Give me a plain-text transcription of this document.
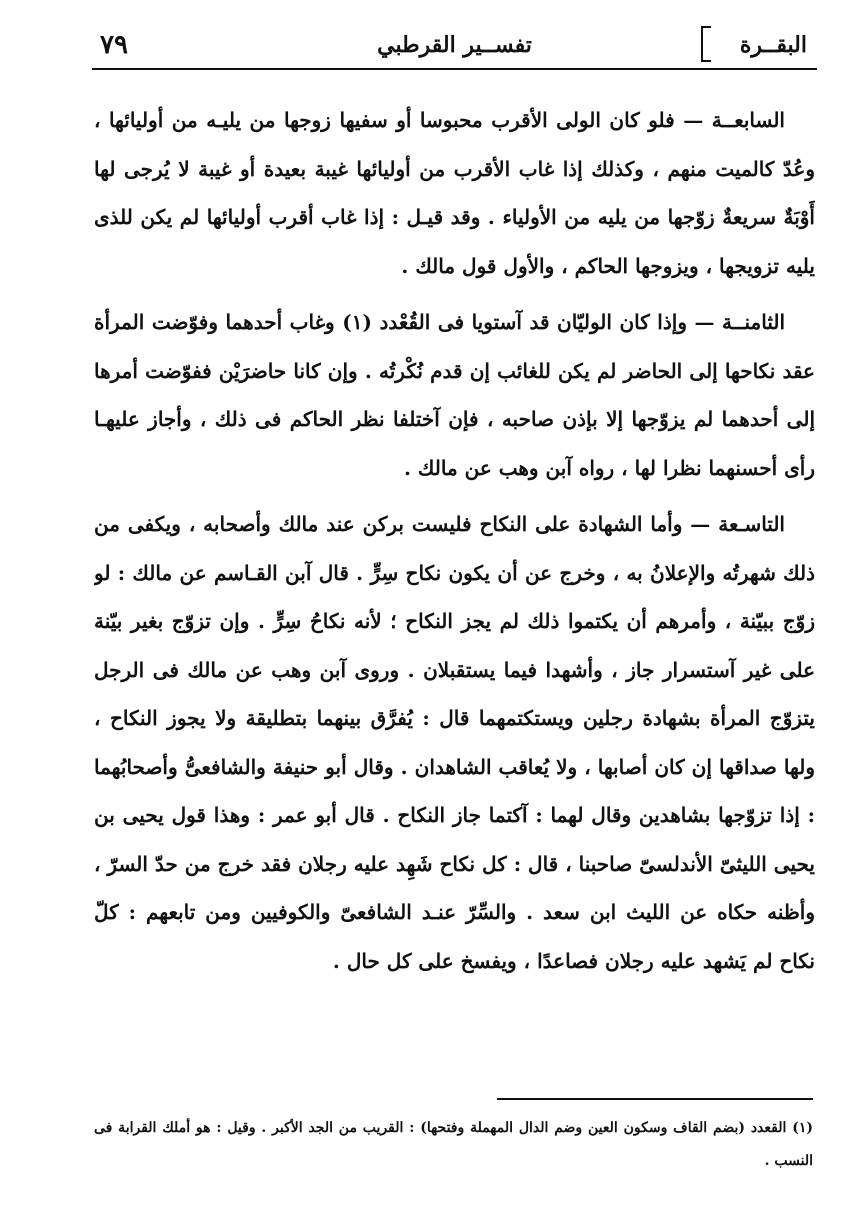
٧٩	تفســير القرطبي	البقــرة

السابعــة — فلو كان الولى الأقرب محبوسا أو سفيها زوجها من يليـه من أوليائها ، وعُدّ كالميت منهم ، وكذلك إذا غاب الأقرب من أوليائها غيبة بعيدة أو غيبة لا يُرجى لها أَوْبَةٌ سريعةٌ زوّجها من يليه من الأولياء . وقد قيـل : إذا غاب أقرب أوليائها لم يكن للذى يليه تزويجها ، ويزوجها الحاكم ، والأول قول مالك .

الثامنــة — وإذا كان الوليّان قد آستويا فى القُعْدد (١) وغاب أحدهما وفوّضت المرأة عقد نكاحها إلى الحاضر لم يكن للغائب إن قدم نُكْرتُه . وإن كانا حاضرَيْن ففوّضت أمرها إلى أحدهما لم يزوّجها إلا بإذن صاحبه ، فإن آختلفا نظر الحاكم فى ذلك ، وأجاز عليهـا رأى أحسنهما نظرا لها ، رواه آبن وهب عن مالك .

التاسـعة — وأما الشهادة على النكاح فليست بركن عند مالك وأصحابه ، ويكفى من ذلك شهرتُه والإعلانُ به ، وخرج عن أن يكون نكاح سِرٍّ . قال آبن القـاسم عن مالك : لو زوّج ببيّنة ، وأمرهم أن يكتموا ذلك لم يجز النكاح ؛ لأنه نكاحُ سِرٍّ . وإن تزوّج بغير بيّنة على غير آستسرار جاز ، وأشهدا فيما يستقبلان . وروى آبن وهب عن مالك فى الرجل يتزوّج المرأة بشهادة رجلين ويستكتمهما قال : يُفرَّق بينهما بتطليقة ولا يجوز النكاح ، ولها صداقها إن كان أصابها ، ولا يُعاقب الشاهدان . وقال أبو حنيفة والشافعىُّ وأصحابُهما : إذا تزوّجها بشاهدين وقال لهما : آكتما جاز النكاح . قال أبو عمر : وهذا قول يحيى بن يحيى الليثىّ الأندلسىّ صاحبنا ، قال : كل نكاح شَهِد عليه رجلان فقد خرج من حدّ السرّ ، وأظنه حكاه عن الليث ابن سعد . والسِّرّ عنـد الشافعىّ والكوفيين ومن تابعهم : كلّ نكاح لم يَشهد عليه رجلان فصاعدًا ، ويفسخ على كل حال .

(١) القعدد (بضم القاف وسكون العين وضم الدال المهملة وفتحها) : القريب من الجد الأكبر . وقيل : هو أملك القرابة فى النسب .
